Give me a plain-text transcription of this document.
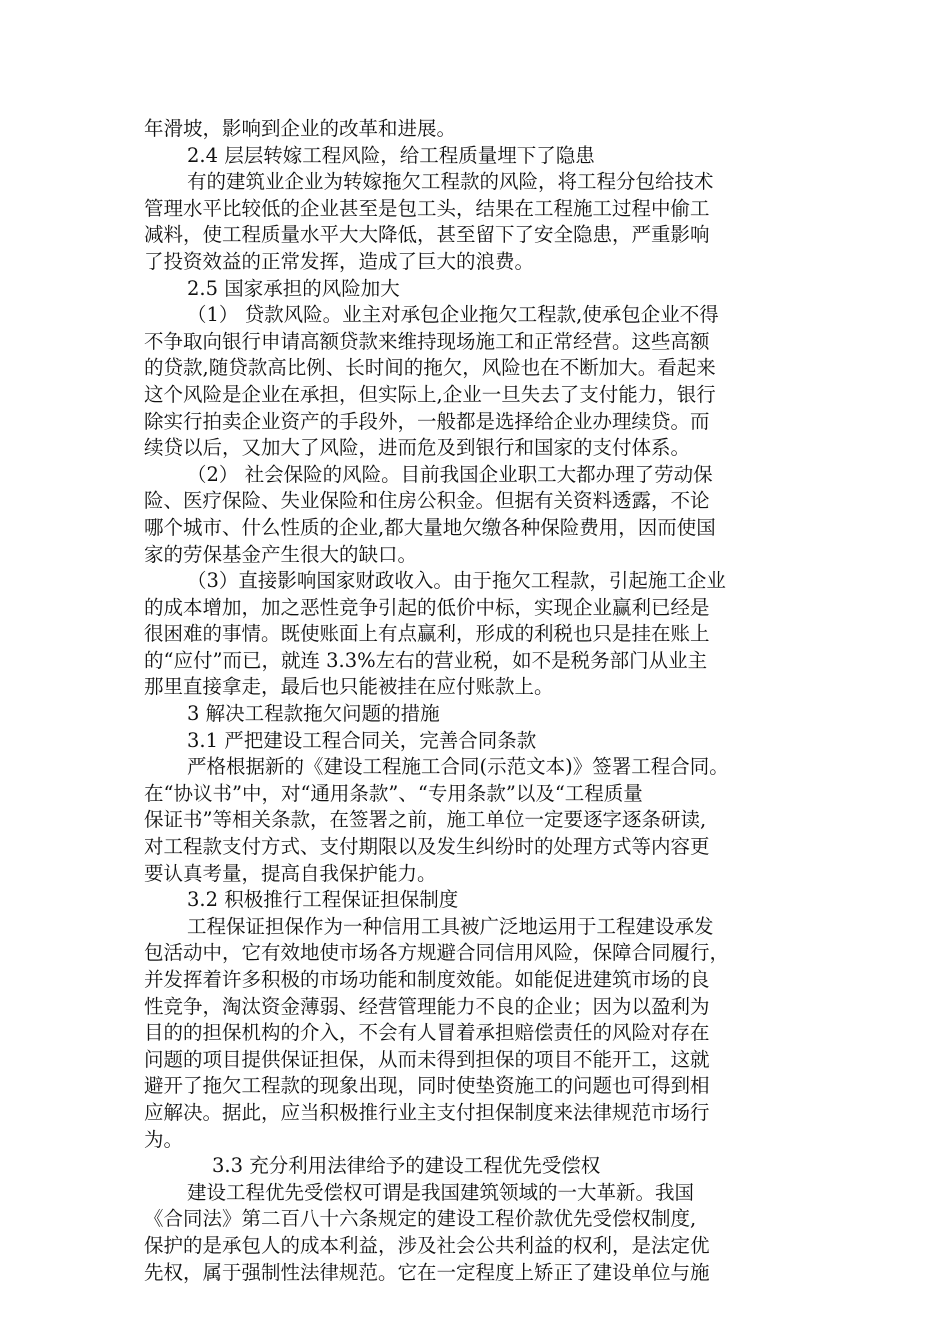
年滑坡，影响到企业的改革和进展。
2.4 层层转嫁工程风险，给工程质量埋下了隐患
有的建筑业企业为转嫁拖欠工程款的风险，将工程分包给技术
管理水平比较低的企业甚至是包工头，结果在工程施工过程中偷工
减料，使工程质量水平大大降低，甚至留下了安全隐患，严重影响
了投资效益的正常发挥，造成了巨大的浪费。
2.5 国家承担的风险加大
（1） 贷款风险。业主对承包企业拖欠工程款,使承包企业不得
不争取向银行申请高额贷款来维持现场施工和正常经营。这些高额
的贷款,随贷款高比例、长时间的拖欠，风险也在不断加大。看起来
这个风险是企业在承担，但实际上,企业一旦失去了支付能力，银行
除实行拍卖企业资产的手段外，一般都是选择给企业办理续贷。而
续贷以后，又加大了风险，进而危及到银行和国家的支付体系。
（2） 社会保险的风险。目前我国企业职工大都办理了劳动保
险、医疗保险、失业保险和住房公积金。但据有关资料透露，不论
哪个城市、什么性质的企业,都大量地欠缴各种保险费用，因而使国
家的劳保基金产生很大的缺口。
（3）直接影响国家财政收入。由于拖欠工程款，引起施工企业
的成本增加，加之恶性竞争引起的低价中标，实现企业赢利已经是
很困难的事情。既使账面上有点赢利，形成的利税也只是挂在账上
的“应付”而已，就连 3.3%左右的营业税，如不是税务部门从业主
那里直接拿走，最后也只能被挂在应付账款上。
3 解决工程款拖欠问题的措施
3.1 严把建设工程合同关，完善合同条款
严格根据新的《建设工程施工合同(示范文本)》签署工程合同。
在“协议书”中，对“通用条款”、“专用条款”以及“工程质量
保证书”等相关条款，在签署之前，施工单位一定要逐字逐条研读,
对工程款支付方式、支付期限以及发生纠纷时的处理方式等内容更
要认真考量，提高自我保护能力。
3.2 积极推行工程保证担保制度
工程保证担保作为一种信用工具被广泛地运用于工程建设承发
包活动中，它有效地使市场各方规避合同信用风险，保障合同履行，
并发挥着许多积极的市场功能和制度效能。如能促进建筑市场的良
性竞争，淘汰资金薄弱、经营管理能力不良的企业；因为以盈利为
目的的担保机构的介入，不会有人冒着承担赔偿责任的风险对存在
问题的项目提供保证担保，从而未得到担保的项目不能开工，这就
避开了拖欠工程款的现象出现，同时使垫资施工的问题也可得到相
应解决。据此，应当积极推行业主支付担保制度来法律规范市场行
为。
3.3 充分利用法律给予的建设工程优先受偿权
建设工程优先受偿权可谓是我国建筑领域的一大革新。我国
《合同法》第二百八十六条规定的建设工程价款优先受偿权制度,
保护的是承包人的成本利益，涉及社会公共利益的权利，是法定优
先权，属于强制性法律规范。它在一定程度上矫正了建设单位与施
